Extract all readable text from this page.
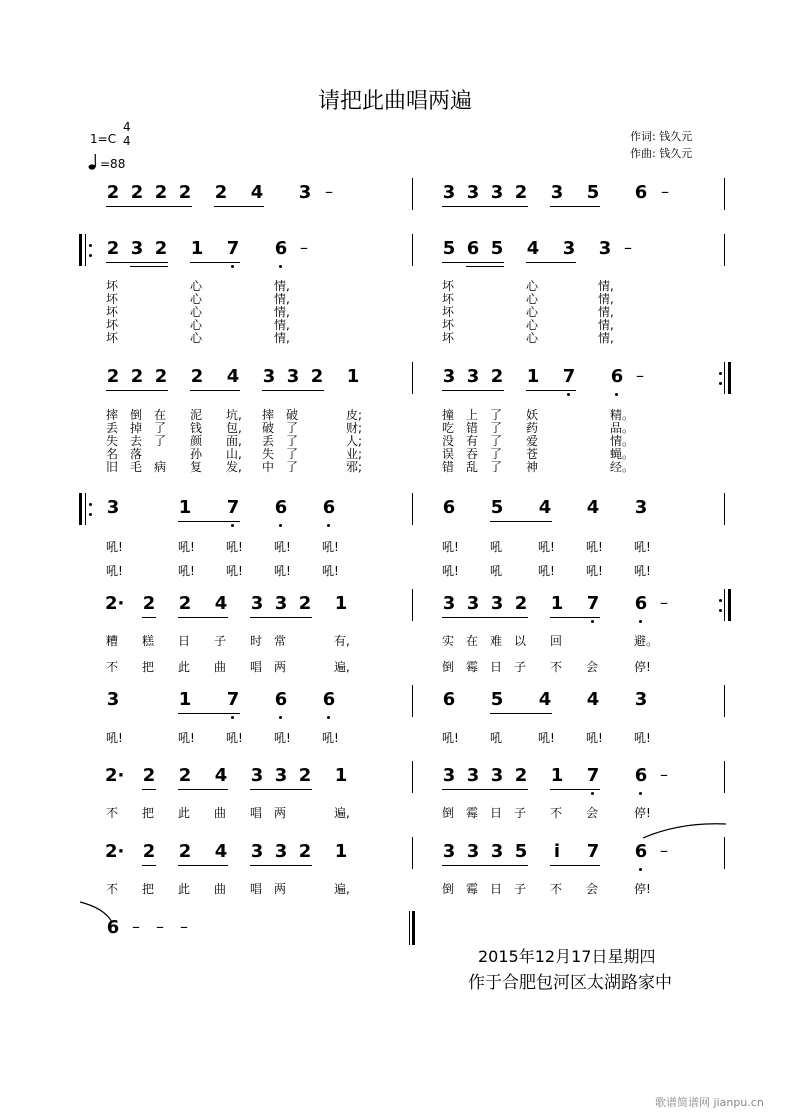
请把此曲唱两遍
1=C
4
4
=88
作词: 钱久元
作曲: 钱久元
2 2 2 2 2 4 3 –	3 3 3 2 3 5 6 –
2 3 2 1 7 6 –	5 6 5 4 3 3 –
坏	心	情,
坏	心	情,
坏	心	情,
坏	心	情,
坏	心	情,
坏	心	情,
坏	心	情,
坏	心	情,
坏	心	情,
坏	心	情,
2 2 2 2 4 3 3 2 1	3 3 2 1 7 6 –
摔 倒 在 泥 坑, 摔 破	皮;
丢 掉 了 钱 包, 破 了	财;
失 去 了 颜 面, 丢 了	人;
名 落	孙 山, 失 了	业;
旧 毛 病 复 发, 中 了	邪;
撞 上 了 妖	精。
吃 错 了 药	品。
没 有 了 爱	情。
误 吞 了 苍	蝇。
错 乱 了 神	经。
3	1 7 6 6	6 5 4 4 3
吼!	吼!	吼!	吼!	吼!	吼!	吼	吼!	吼!	吼!
吼!	吼!	吼!	吼!	吼!	吼!	吼	吼!	吼!	吼!
2· 2 2 4 3 3 2 1	3 3 3 2 1 7 6 –
糟 糕 日 子 时 常	有,	实 在 难 以 回	避。
不 把 此 曲 唱 两	遍,	倒 霉 日 子 不 会	停!
3	1 7 6 6	6 5 4 4 3
吼!	吼!	吼!	吼!	吼!	吼!	吼	吼!	吼!	吼!
2· 2 2 4 3 3 2 1	3 3 3 2 1 7 6 –
不 把 此 曲 唱 两	遍,	倒 霉 日 子 不 会	停!
2· 2 2 4 3 3 2 1	3 3 3 5 i 7 6 –
不 把 此 曲 唱 两	遍,	倒 霉 日 子 不 会	停!
6 – – –
2015年12月17日星期四
作于合肥包河区太湖路家中
歌谱简谱网 jianpu.cn
